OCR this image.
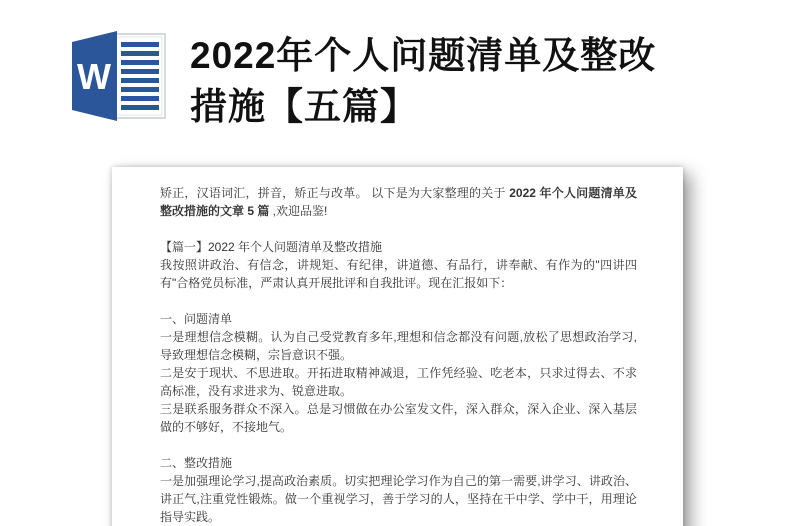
W
2022年个人问题清单及整改
措施【五篇】
矫正，汉语词汇，拼音，矫正与改革。 以下是为大家整理的关于 2022 年个人问题清单及整改措施的文章 5 篇 ,欢迎品鉴!

【篇一】2022 年个人问题清单及整改措施
我按照讲政治、有信念，讲规矩、有纪律，讲道德、有品行，讲奉献、有作为的"四讲四有"合格党员标准，严肃认真开展批评和自我批评。现在汇报如下：

一、问题清单
一是理想信念模糊。认为自己受党教育多年,理想和信念都没有问题,放松了思想政治学习,导致理想信念模糊，宗旨意识不强。
二是安于现状、不思进取。开拓进取精神减退，工作凭经验、吃老本，只求过得去、不求高标准，没有求进求为、锐意进取。
三是联系服务群众不深入。总是习惯做在办公室发文件，深入群众，深入企业、深入基层做的不够好，不接地气。

二、整改措施
一是加强理论学习,提高政治素质。切实把理论学习作为自己的第一需要,讲学习、讲政治、讲正气,注重党性锻炼。做一个重视学习，善于学习的人，坚持在干中学、学中干，用理论指导实践。
